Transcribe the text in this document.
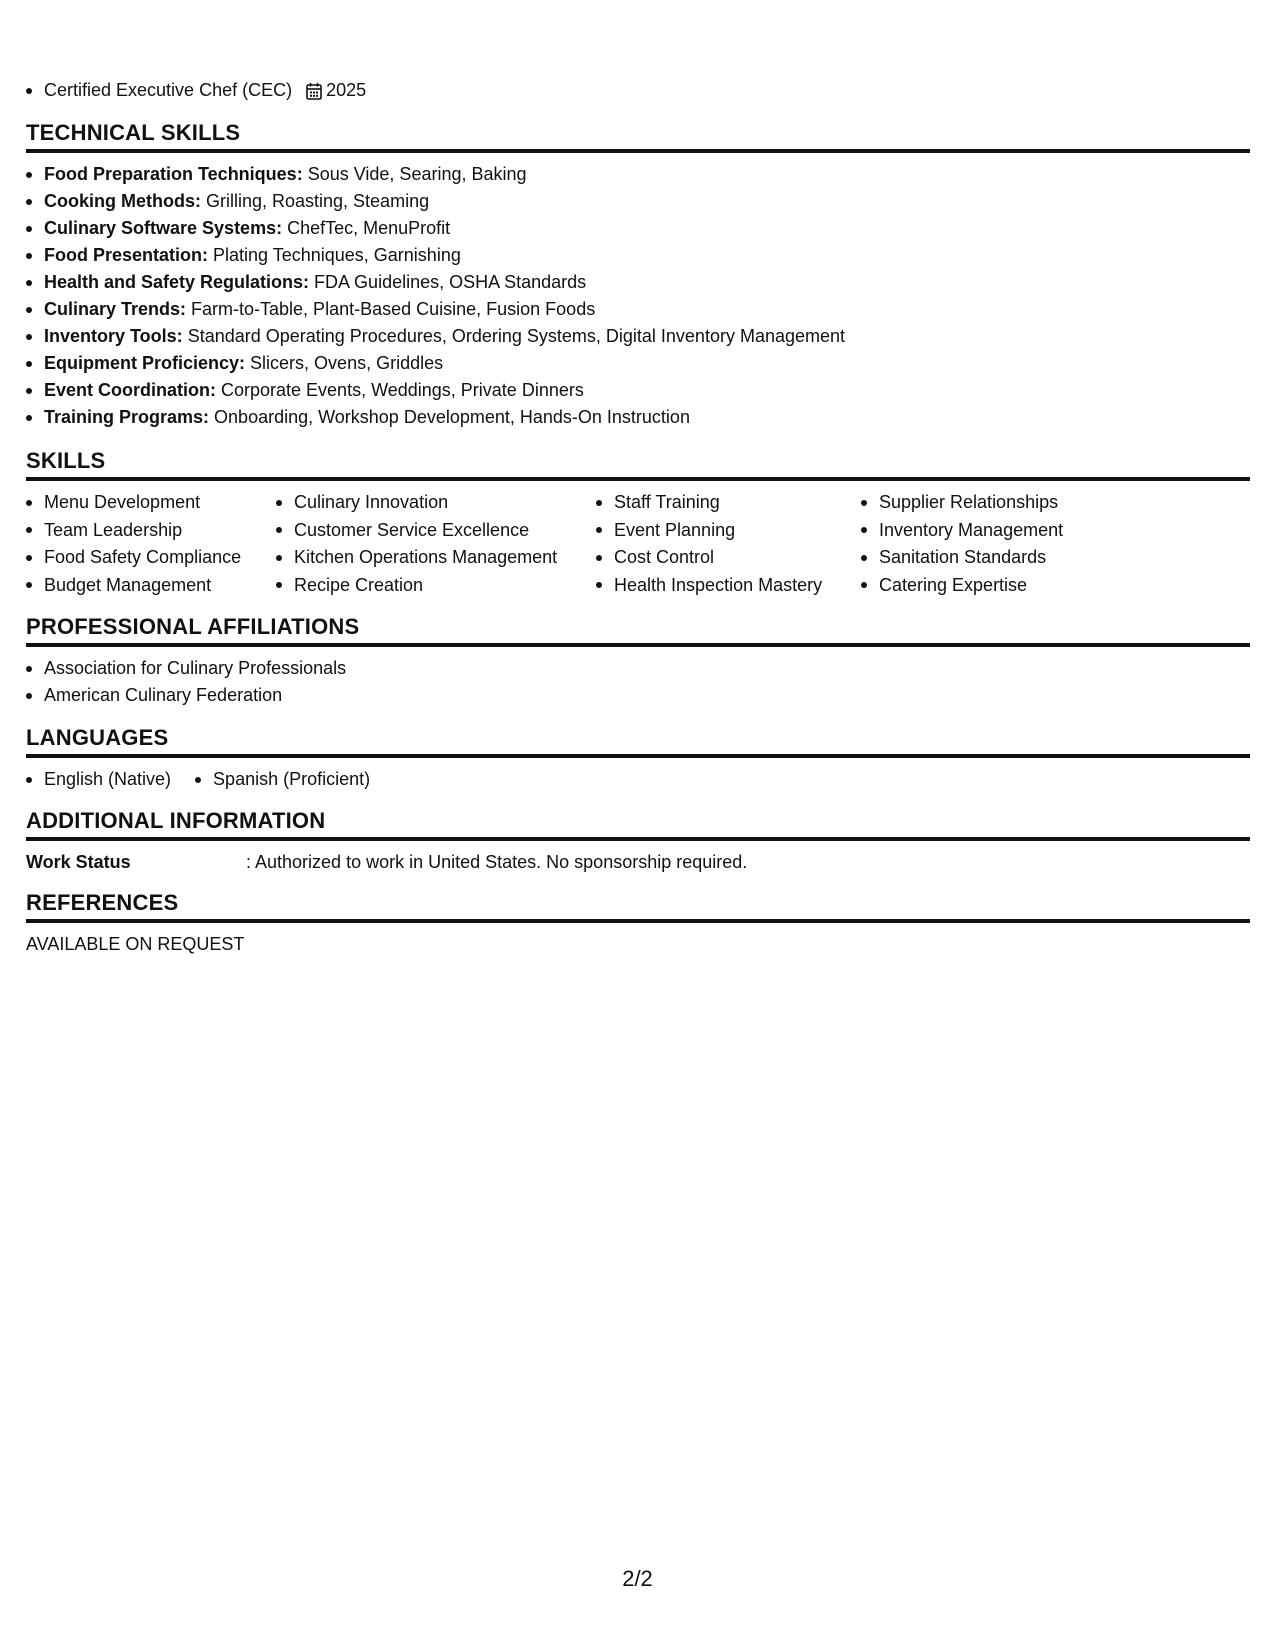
Certified Executive Chef (CEC) 2025
TECHNICAL SKILLS
Food Preparation Techniques: Sous Vide, Searing, Baking
Cooking Methods: Grilling, Roasting, Steaming
Culinary Software Systems: ChefTec, MenuProfit
Food Presentation: Plating Techniques, Garnishing
Health and Safety Regulations: FDA Guidelines, OSHA Standards
Culinary Trends: Farm-to-Table, Plant-Based Cuisine, Fusion Foods
Inventory Tools: Standard Operating Procedures, Ordering Systems, Digital Inventory Management
Equipment Proficiency: Slicers, Ovens, Griddles
Event Coordination: Corporate Events, Weddings, Private Dinners
Training Programs: Onboarding, Workshop Development, Hands-On Instruction
SKILLS
Menu Development
Team Leadership
Food Safety Compliance
Budget Management
Culinary Innovation
Customer Service Excellence
Kitchen Operations Management
Recipe Creation
Staff Training
Event Planning
Cost Control
Health Inspection Mastery
Supplier Relationships
Inventory Management
Sanitation Standards
Catering Expertise
PROFESSIONAL AFFILIATIONS
Association for Culinary Professionals
American Culinary Federation
LANGUAGES
English (Native) Spanish (Proficient)
ADDITIONAL INFORMATION
Work Status	: Authorized to work in United States. No sponsorship required.
REFERENCES
AVAILABLE ON REQUEST
2/2
